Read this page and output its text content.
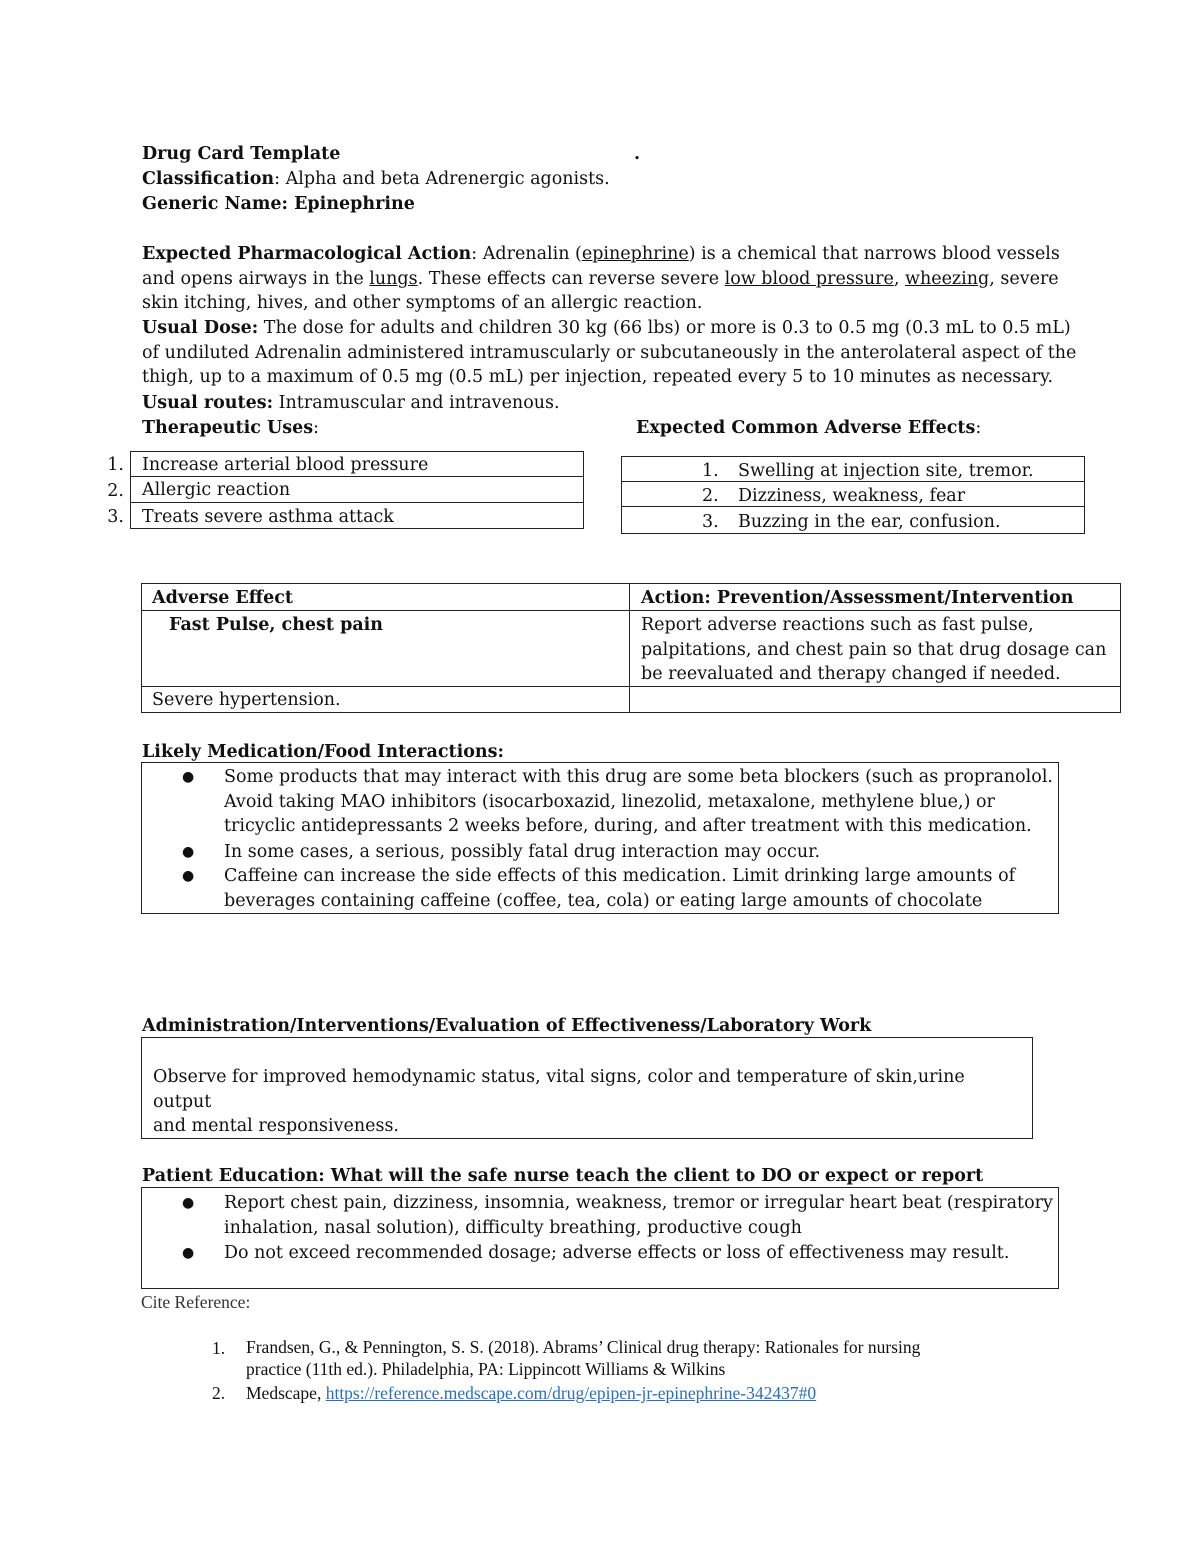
Drug Card Template	.
Classification: Alpha and beta Adrenergic agonists.
Generic Name: Epinephrine
Expected Pharmacological Action: Adrenalin (epinephrine) is a chemical that narrows blood vessels
and opens airways in the lungs. These effects can reverse severe low blood pressure, wheezing, severe
skin itching, hives, and other symptoms of an allergic reaction.
Usual Dose: The dose for adults and children 30 kg (66 lbs) or more is 0.3 to 0.5 mg (0.3 mL to 0.5 mL)
of undiluted Adrenalin administered intramuscularly or subcutaneously in the anterolateral aspect of the
thigh, up to a maximum of 0.5 mg (0.5 mL) per injection, repeated every 5 to 10 minutes as necessary.
Usual routes: Intramuscular and intravenous.
Therapeutic Uses:
1.
2.
3.
Increase arterial blood pressure
Allergic reaction
Treats severe asthma attack
Expected Common Adverse Effects:
1. Swelling at injection site, tremor.
2. Dizziness, weakness, fear
3. Buzzing in the ear, confusion.
Adverse Effect	Action: Prevention/Assessment/Intervention
Fast Pulse, chest pain	Report adverse reactions such as fast pulse,
palpitations, and chest pain so that drug dosage can
be reevaluated and therapy changed if needed.
Severe hypertension.
Likely Medication/Food Interactions:
● Some products that may interact with this drug are some beta blockers (such as propranolol.
Avoid taking MAO inhibitors (isocarboxazid, linezolid, metaxalone, methylene blue,) or
tricyclic antidepressants 2 weeks before, during, and after treatment with this medication.
● In some cases, a serious, possibly fatal drug interaction may occur.
● Caffeine can increase the side effects of this medication. Limit drinking large amounts of
beverages containing caffeine (coffee, tea, cola) or eating large amounts of chocolate
Administration/Interventions/Evaluation of Effectiveness/Laboratory Work
Observe for improved hemodynamic status, vital signs, color and temperature of skin,urine output
and mental responsiveness.
Patient Education: What will the safe nurse teach the client to DO or expect or report
● Report chest pain, dizziness, insomnia, weakness, tremor or irregular heart beat (respiratory
inhalation, nasal solution), difficulty breathing, productive cough
● Do not exceed recommended dosage; adverse effects or loss of effectiveness may result.
Cite Reference:
1. Frandsen, G., & Pennington, S. S. (2018). Abrams’ Clinical drug therapy: Rationales for nursing
practice (11th ed.). Philadelphia, PA: Lippincott Williams & Wilkins
2. Medscape, https://reference.medscape.com/drug/epipen-jr-epinephrine-342437#0
